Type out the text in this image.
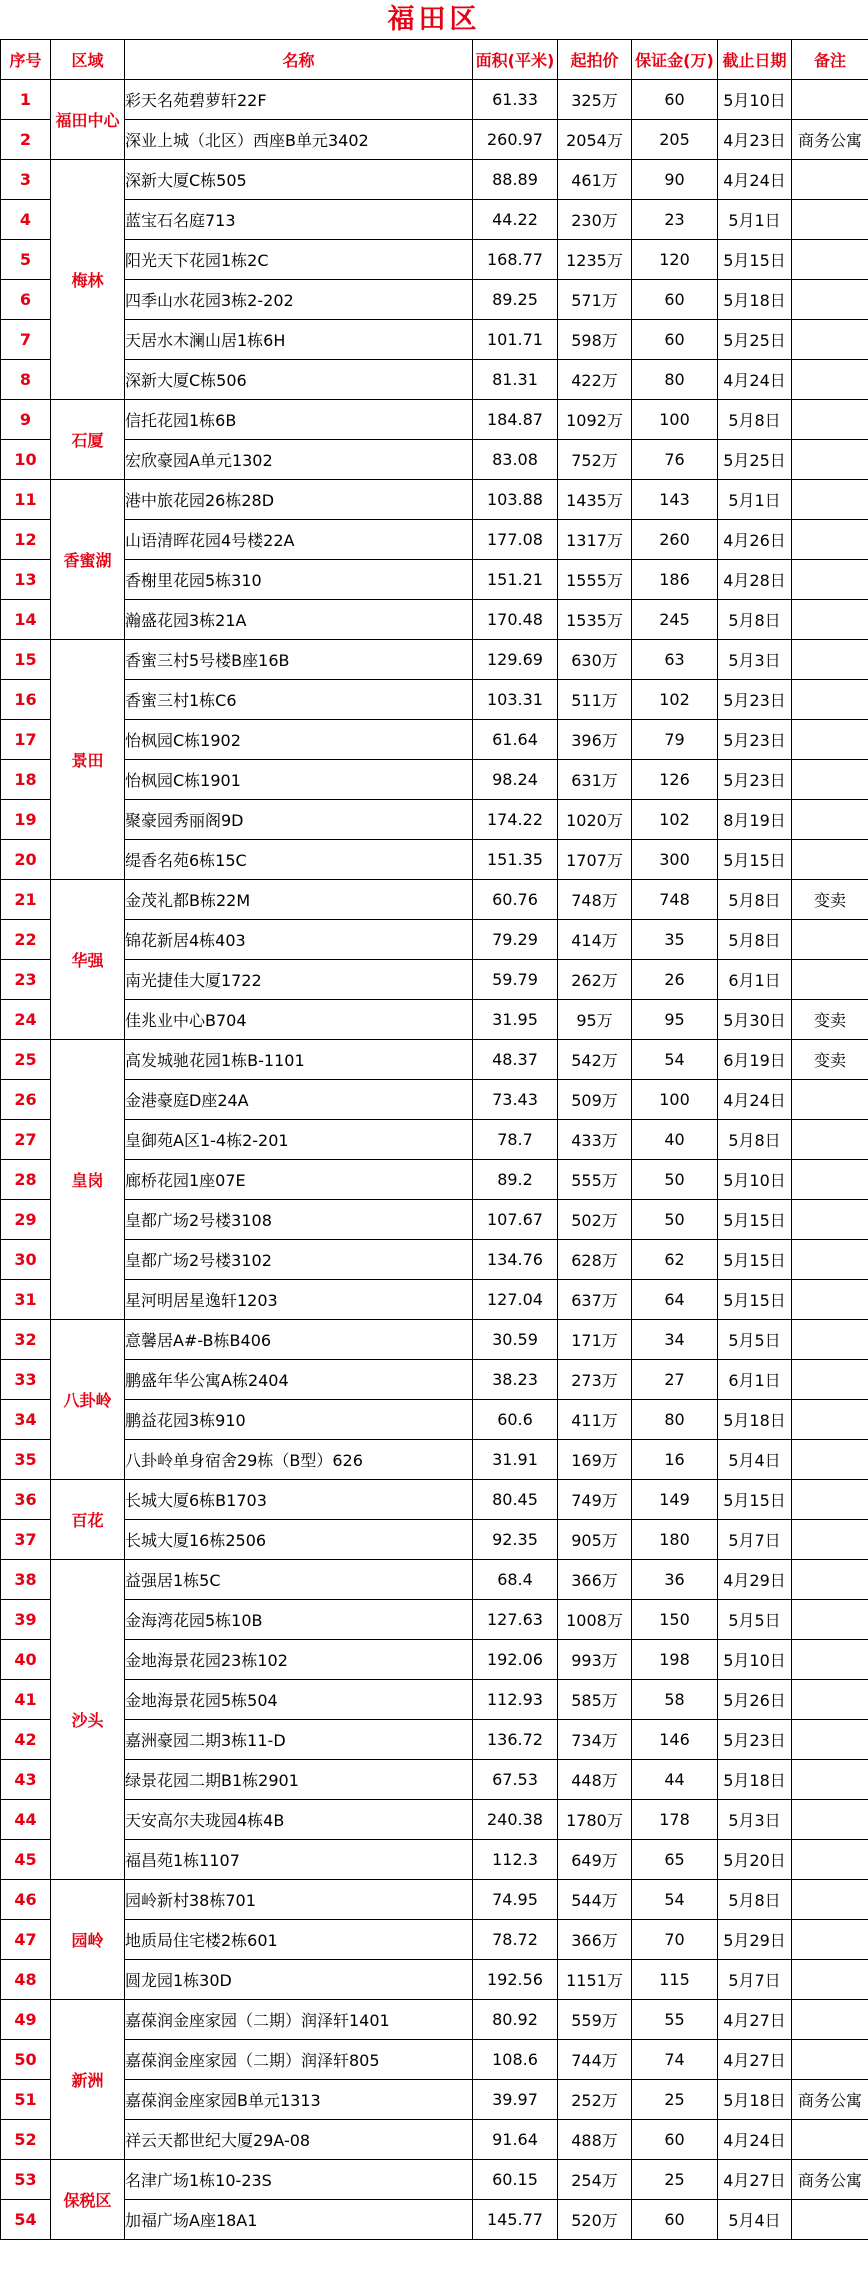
福田区
序号	区域	名称	面积(平米)	起拍价	保证金(万)	截止日期	备注
1	福田中心	彩天名苑碧萝轩22F	61.33	325万	60	5月10日	
2		深业上城（北区）西座B单元3402	260.97	2054万	205	4月23日	商务公寓
3	梅林	深新大厦C栋505	88.89	461万	90	4月24日	
4		蓝宝石名庭713	44.22	230万	23	5月1日	
5		阳光天下花园1栋2C	168.77	1235万	120	5月15日	
6		四季山水花园3栋2-202	89.25	571万	60	5月18日	
7		天居水木澜山居1栋6H	101.71	598万	60	5月25日	
8		深新大厦C栋506	81.31	422万	80	4月24日	
9	石厦	信托花园1栋6B	184.87	1092万	100	5月8日	
10		宏欣豪园A单元1302	83.08	752万	76	5月25日	
11	香蜜湖	港中旅花园26栋28D	103.88	1435万	143	5月1日	
12		山语清晖花园4号楼22A	177.08	1317万	260	4月26日	
13		香榭里花园5栋310	151.21	1555万	186	4月28日	
14		瀚盛花园3栋21A	170.48	1535万	245	5月8日	
15	景田	香蜜三村5号楼B座16B	129.69	630万	63	5月3日	
16		香蜜三村1栋C6	103.31	511万	102	5月23日	
17		怡枫园C栋1902	61.64	396万	79	5月23日	
18		怡枫园C栋1901	98.24	631万	126	5月23日	
19		聚豪园秀丽阁9D	174.22	1020万	102	8月19日	
20		缇香名苑6栋15C	151.35	1707万	300	5月15日	
21	华强	金茂礼都B栋22M	60.76	748万	748	5月8日	变卖
22		锦花新居4栋403	79.29	414万	35	5月8日	
23		南光捷佳大厦1722	59.79	262万	26	6月1日	
24		佳兆业中心B704	31.95	95万	95	5月30日	变卖
25	皇岗	高发城驰花园1栋B-1101	48.37	542万	54	6月19日	变卖
26		金港豪庭D座24A	73.43	509万	100	4月24日	
27		皇御苑A区1-4栋2-201	78.7	433万	40	5月8日	
28		廊桥花园1座07E	89.2	555万	50	5月10日	
29		皇都广场2号楼3108	107.67	502万	50	5月15日	
30		皇都广场2号楼3102	134.76	628万	62	5月15日	
31		星河明居星逸轩1203	127.04	637万	64	5月15日	
32	八卦岭	意馨居A#-B栋B406	30.59	171万	34	5月5日	
33		鹏盛年华公寓A栋2404	38.23	273万	27	6月1日	
34		鹏益花园3栋910	60.6	411万	80	5月18日	
35		八卦岭单身宿舍29栋（B型）626	31.91	169万	16	5月4日	
36	百花	长城大厦6栋B1703	80.45	749万	149	5月15日	
37		长城大厦16栋2506	92.35	905万	180	5月7日	
38	沙头	益强居1栋5C	68.4	366万	36	4月29日	
39		金海湾花园5栋10B	127.63	1008万	150	5月5日	
40		金地海景花园23栋102	192.06	993万	198	5月10日	
41		金地海景花园5栋504	112.93	585万	58	5月26日	
42		嘉洲豪园二期3栋11-D	136.72	734万	146	5月23日	
43		绿景花园二期B1栋2901	67.53	448万	44	5月18日	
44		天安高尔夫珑园4栋4B	240.38	1780万	178	5月3日	
45		福昌苑1栋1107	112.3	649万	65	5月20日	
46	园岭	园岭新村38栋701	74.95	544万	54	5月8日	
47		地质局住宅楼2栋601	78.72	366万	70	5月29日	
48		圆龙园1栋30D	192.56	1151万	115	5月7日	
49	新洲	嘉葆润金座家园（二期）润泽轩1401	80.92	559万	55	4月27日	
50		嘉葆润金座家园（二期）润泽轩805	108.6	744万	74	4月27日	
51		嘉葆润金座家园B单元1313	39.97	252万	25	5月18日	商务公寓
52		祥云天都世纪大厦29A-08	91.64	488万	60	4月24日	
53	保税区	名津广场1栋10-23S	60.15	254万	25	4月27日	商务公寓
54		加福广场A座18A1	145.77	520万	60	5月4日	
